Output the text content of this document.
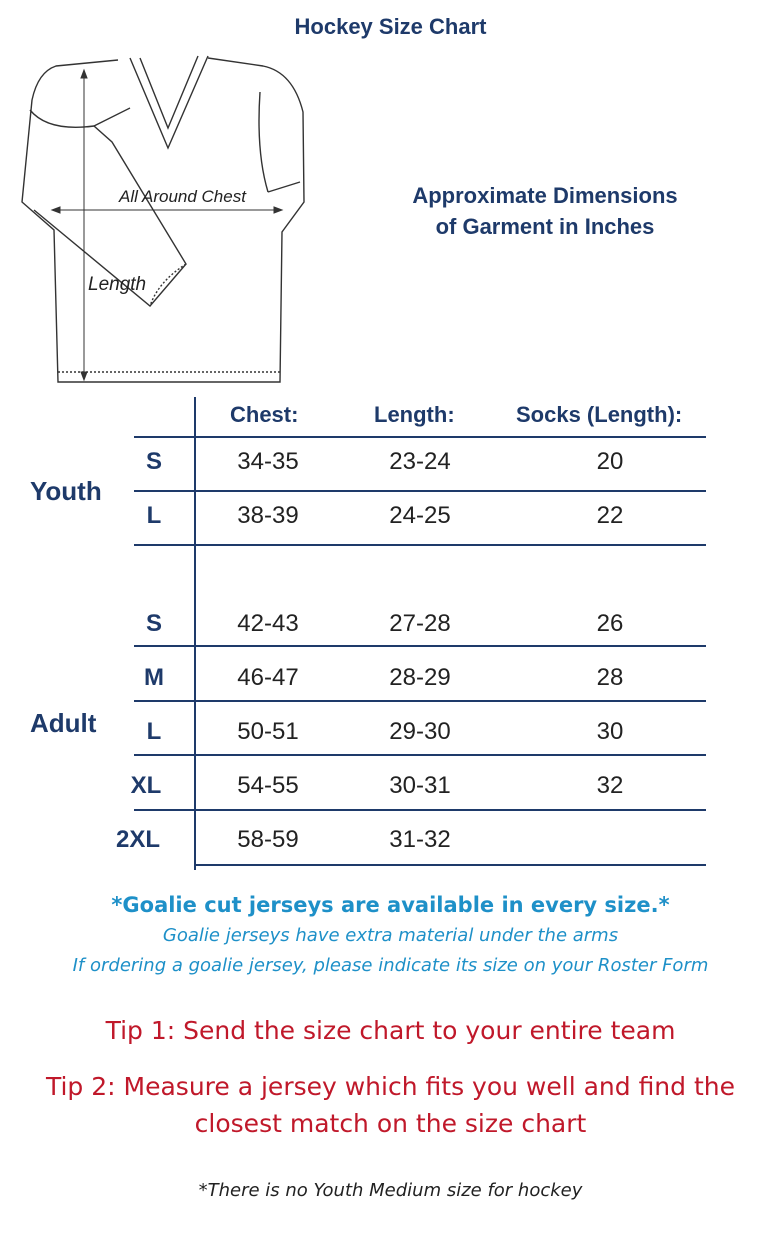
Hockey Size Chart
All Around Chest
Length
Approximate Dimensions
of Garment in Inches
Chest:	Length:	Socks (Length):
Youth
S	34-35	23-24	20
L	38-39	24-25	22
Adult
S	42-43	27-28	26
M	46-47	28-29	28
L	50-51	29-30	30
XL	54-55	30-31	32
2XL	58-59	31-32
*Goalie cut jerseys are available in every size.*
Goalie jerseys have extra material under the arms
If ordering a goalie jersey, please indicate its size on your Roster Form
Tip 1: Send the size chart to your entire team
Tip 2: Measure a jersey which fits you well and find the
closest match on the size chart
*There is no Youth Medium size for hockey
